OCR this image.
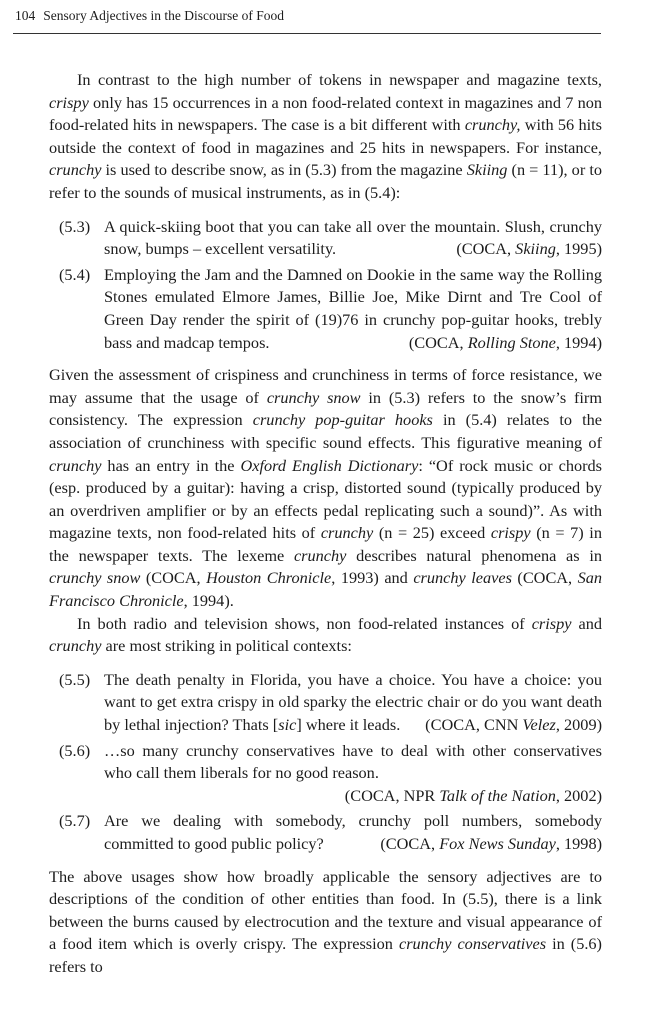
104 Sensory Adjectives in the Discourse of Food

In contrast to the high number of tokens in newspaper and magazine texts, crispy only has 15 occurrences in a non food-related context in magazines and 7 non food-related hits in newspapers. The case is a bit different with crunchy, with 56 hits outside the context of food in magazines and 25 hits in newspapers. For instance, crunchy is used to describe snow, as in (5.3) from the magazine Skiing (n = 11), or to refer to the sounds of musical instruments, as in (5.4):

(5.3) A quick-skiing boot that you can take all over the mountain. Slush, crunchy snow, bumps – excellent versatility.	(COCA, Skiing, 1995)
(5.4) Employing the Jam and the Damned on Dookie in the same way the Rolling Stones emulated Elmore James, Billie Joe, Mike Dirnt and Tre Cool of Green Day render the spirit of (19)76 in crunchy pop-guitar hooks, trebly bass and madcap tempos.	(COCA, Rolling Stone, 1994)

Given the assessment of crispiness and crunchiness in terms of force resistance, we may assume that the usage of crunchy snow in (5.3) refers to the snow’s firm consistency. The expression crunchy pop-guitar hooks in (5.4) relates to the association of crunchiness with specific sound effects. This figurative meaning of crunchy has an entry in the Oxford English Dictionary: “Of rock music or chords (esp. produced by a guitar): having a crisp, distorted sound (typically produced by an overdriven amplifier or by an effects pedal replicating such a sound)”. As with magazine texts, non food-related hits of crunchy (n = 25) exceed crispy (n = 7) in the newspaper texts. The lexeme crunchy describes natural phenomena as in crunchy snow (COCA, Houston Chronicle, 1993) and crunchy leaves (COCA, San Francisco Chronicle, 1994).

In both radio and television shows, non food-related instances of crispy and crunchy are most striking in political contexts:

(5.5) The death penalty in Florida, you have a choice. You have a choice: you want to get extra crispy in old sparky the electric chair or do you want death by lethal injection? Thats [sic] where it leads. (COCA, CNN Velez, 2009)
(5.6) …so many crunchy conservatives have to deal with other conservatives who call them liberals for no good reason.
(COCA, NPR Talk of the Nation, 2002)
(5.7) Are we dealing with somebody, crunchy poll numbers, somebody committed to good public policy?	(COCA, Fox News Sunday, 1998)

The above usages show how broadly applicable the sensory adjectives are to descriptions of the condition of other entities than food. In (5.5), there is a link between the burns caused by electrocution and the texture and visual appearance of a food item which is overly crispy. The expression crunchy conservatives in (5.6) refers to
